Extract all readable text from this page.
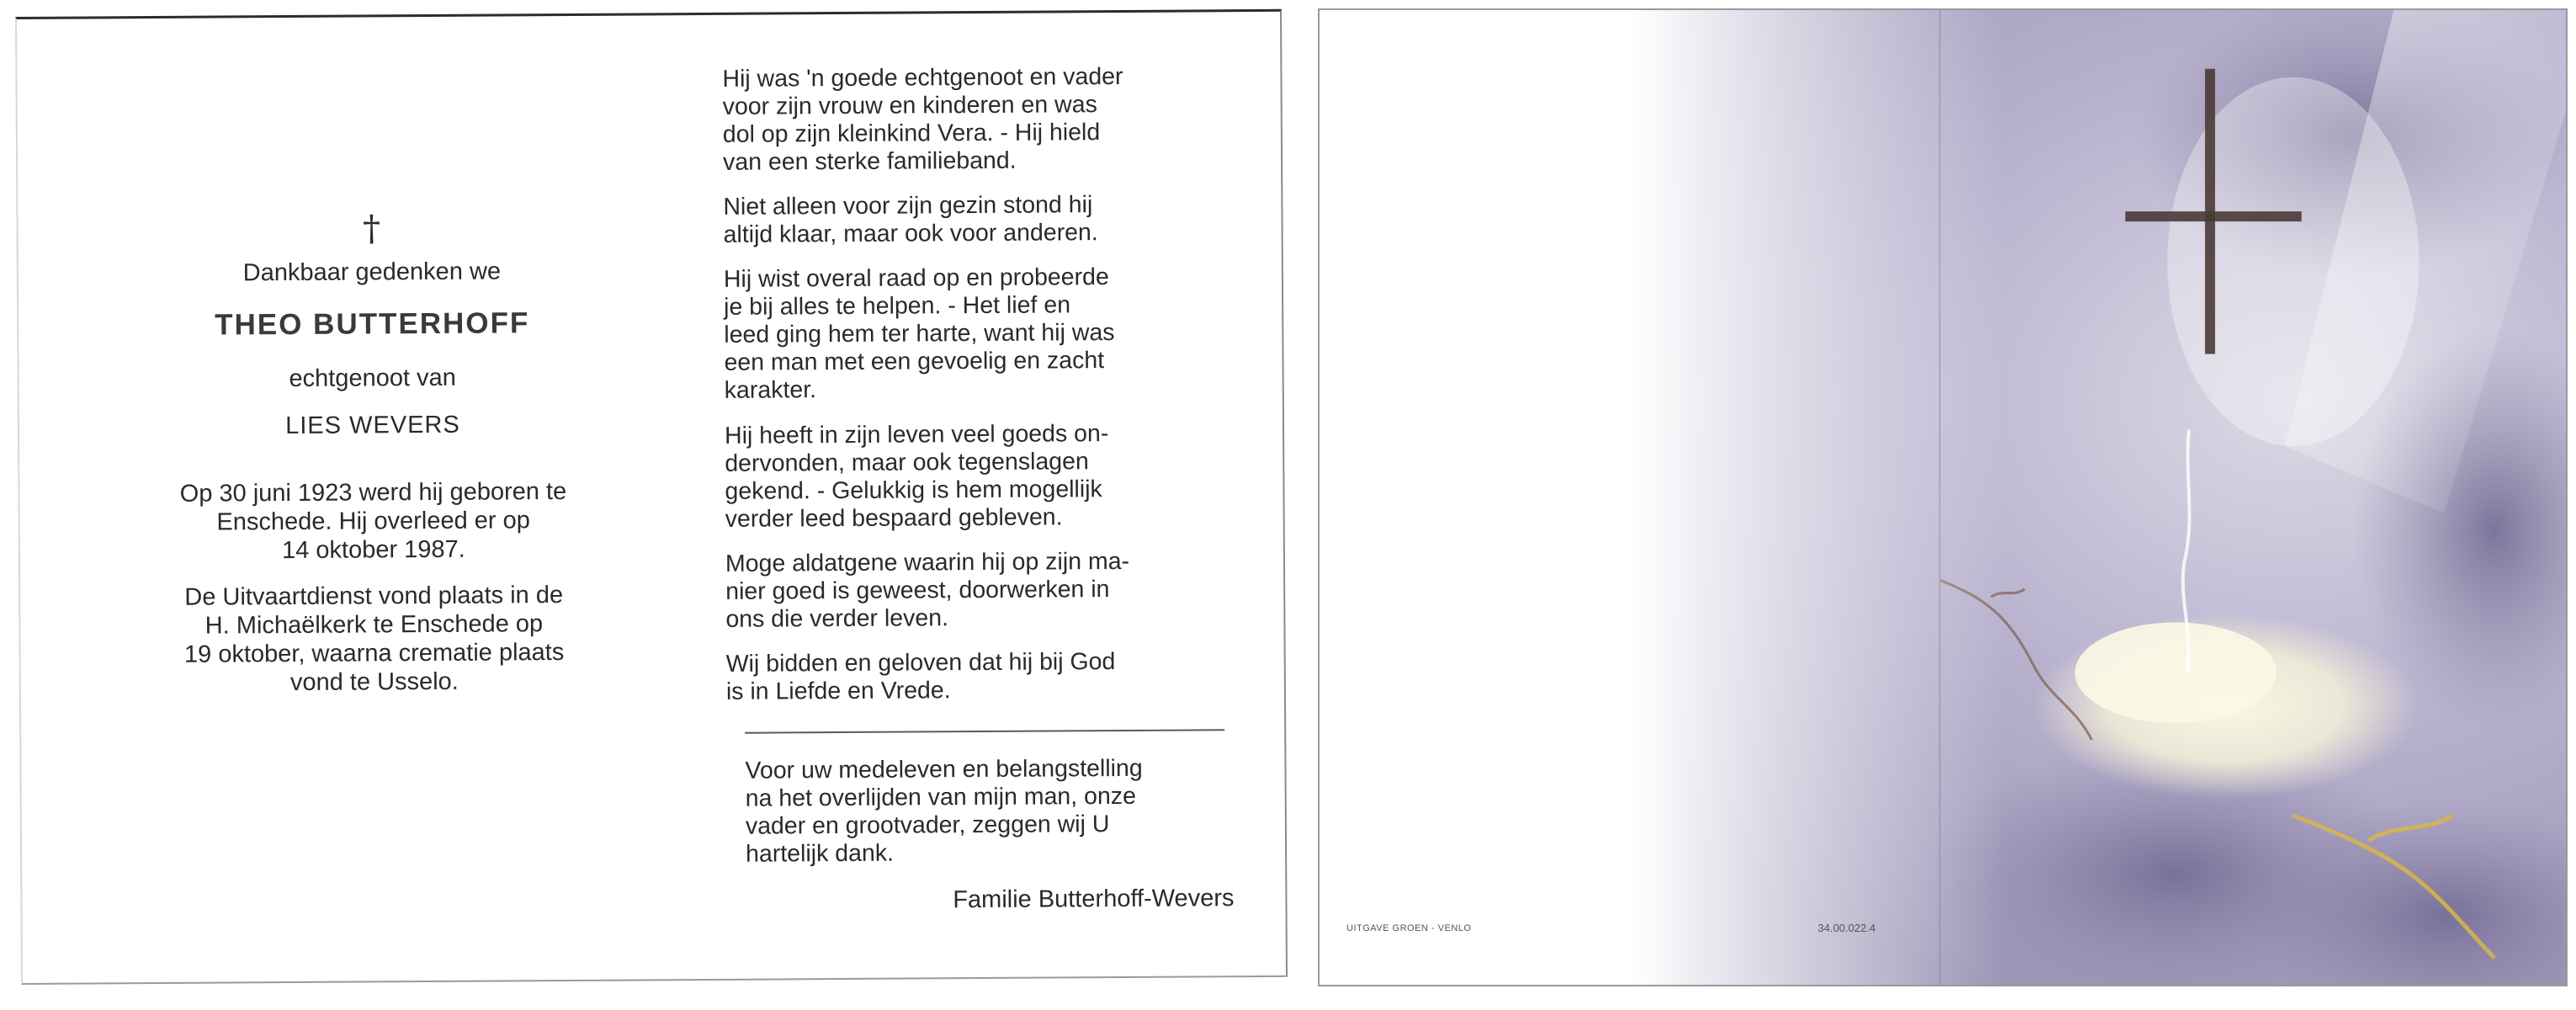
†
Dankbaar gedenken we
THEO BUTTERHOFF
echtgenoot van
LIES WEVERS
Op 30 juni 1923 werd hij geboren te
Enschede. Hij overleed er op
14 oktober 1987.
De Uitvaartdienst vond plaats in de
H. Michaëlkerk te Enschede op
19 oktober, waarna crematie plaats
vond te Usselo.
Hij was 'n goede echtgenoot en vader
voor zijn vrouw en kinderen en was
dol op zijn kleinkind Vera. - Hij hield
van een sterke familieband.
Niet alleen voor zijn gezin stond hij
altijd klaar, maar ook voor anderen.
Hij wist overal raad op en probeerde
je bij alles te helpen. - Het lief en
leed ging hem ter harte, want hij was
een man met een gevoelig en zacht
karakter.
Hij heeft in zijn leven veel goeds on-
dervonden, maar ook tegenslagen
gekend. - Gelukkig is hem mogellijk
verder leed bespaard gebleven.
Moge aldatgene waarin hij op zijn ma-
nier goed is geweest, doorwerken in
ons die verder leven.
Wij bidden en geloven dat hij bij God
is in Liefde en Vrede.
Voor uw medeleven en belangstelling
na het overlijden van mijn man, onze
vader en grootvader, zeggen wij U
hartelijk dank.
Familie Butterhoff-Wevers
UITGAVE GROEN - VENLO	34.00.022.4
